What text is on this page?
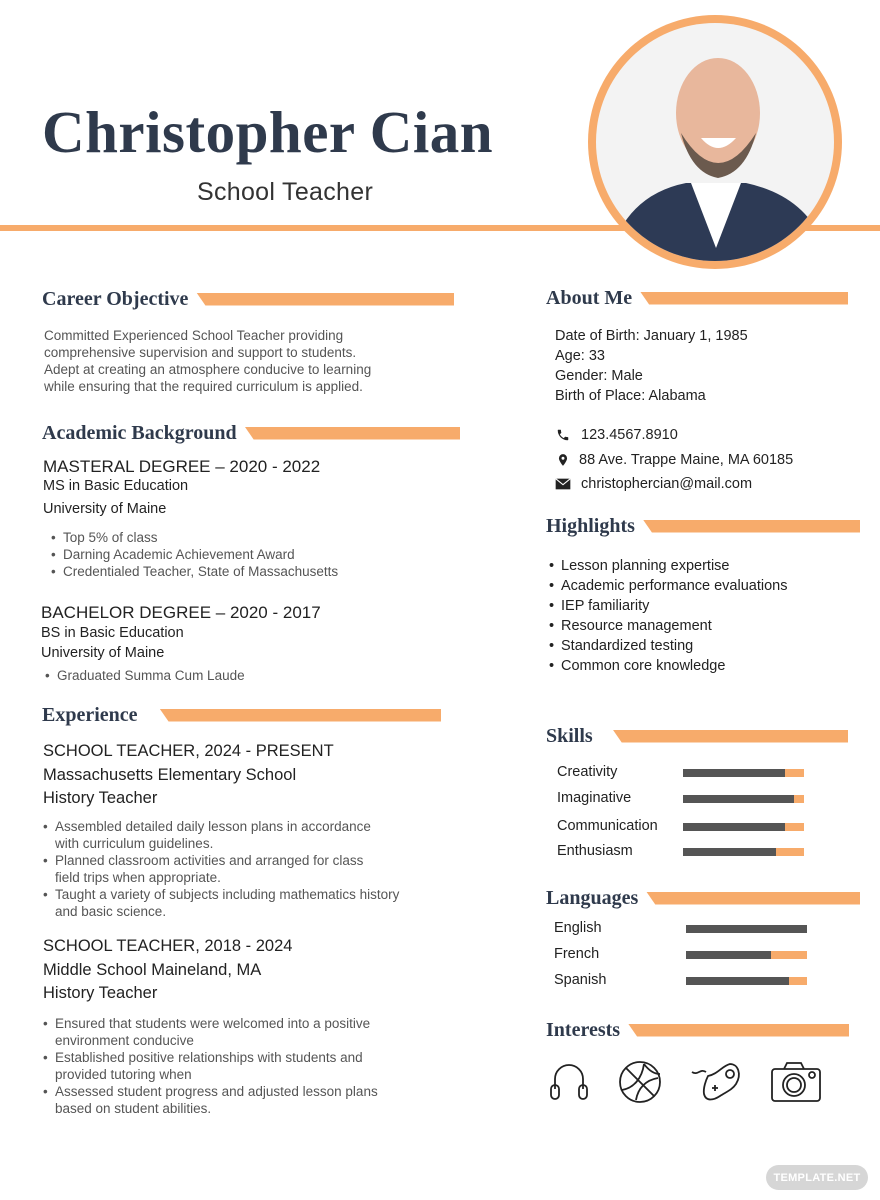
Christopher Cian
School Teacher
Career Objective
Committed Experienced School Teacher providing
comprehensive supervision and support to students.
Adept at creating an atmosphere conducive to learning
while ensuring that the required curriculum is applied.
Academic Background
MASTERAL DEGREE – 2020 - 2022
MS in Basic Education
University of Maine
• Top 5% of class
• Darning Academic Achievement Award
• Credentialed Teacher, State of Massachusetts
BACHELOR DEGREE – 2020 - 2017
BS in Basic Education
University of Maine
• Graduated Summa Cum Laude
Experience
SCHOOL TEACHER, 2024 - PRESENT
Massachusetts Elementary School
History Teacher
• Assembled detailed daily lesson plans in accordance
with curriculum guidelines.
• Planned classroom activities and arranged for class
field trips when appropriate.
• Taught a variety of subjects including mathematics history
and basic science.
SCHOOL TEACHER, 2018 - 2024
Middle School Maineland, MA
History Teacher
• Ensured that students were welcomed into a positive
environment conducive
• Established positive relationships with students and
provided tutoring when
• Assessed student progress and adjusted lesson plans
based on student abilities.
About Me
Date of Birth: January 1, 1985
Age: 33
Gender: Male
Birth of Place: Alabama
123.4567.8910
88 Ave. Trappe Maine, MA 60185
christophercian@mail.com
Highlights
• Lesson planning expertise
• Academic performance evaluations
• IEP familiarity
• Resource management
• Standardized testing
• Common core knowledge
Skills
Creativity
Imaginative
Communication
Enthusiasm
Languages
English
French
Spanish
Interests
TEMPLATE.NET
